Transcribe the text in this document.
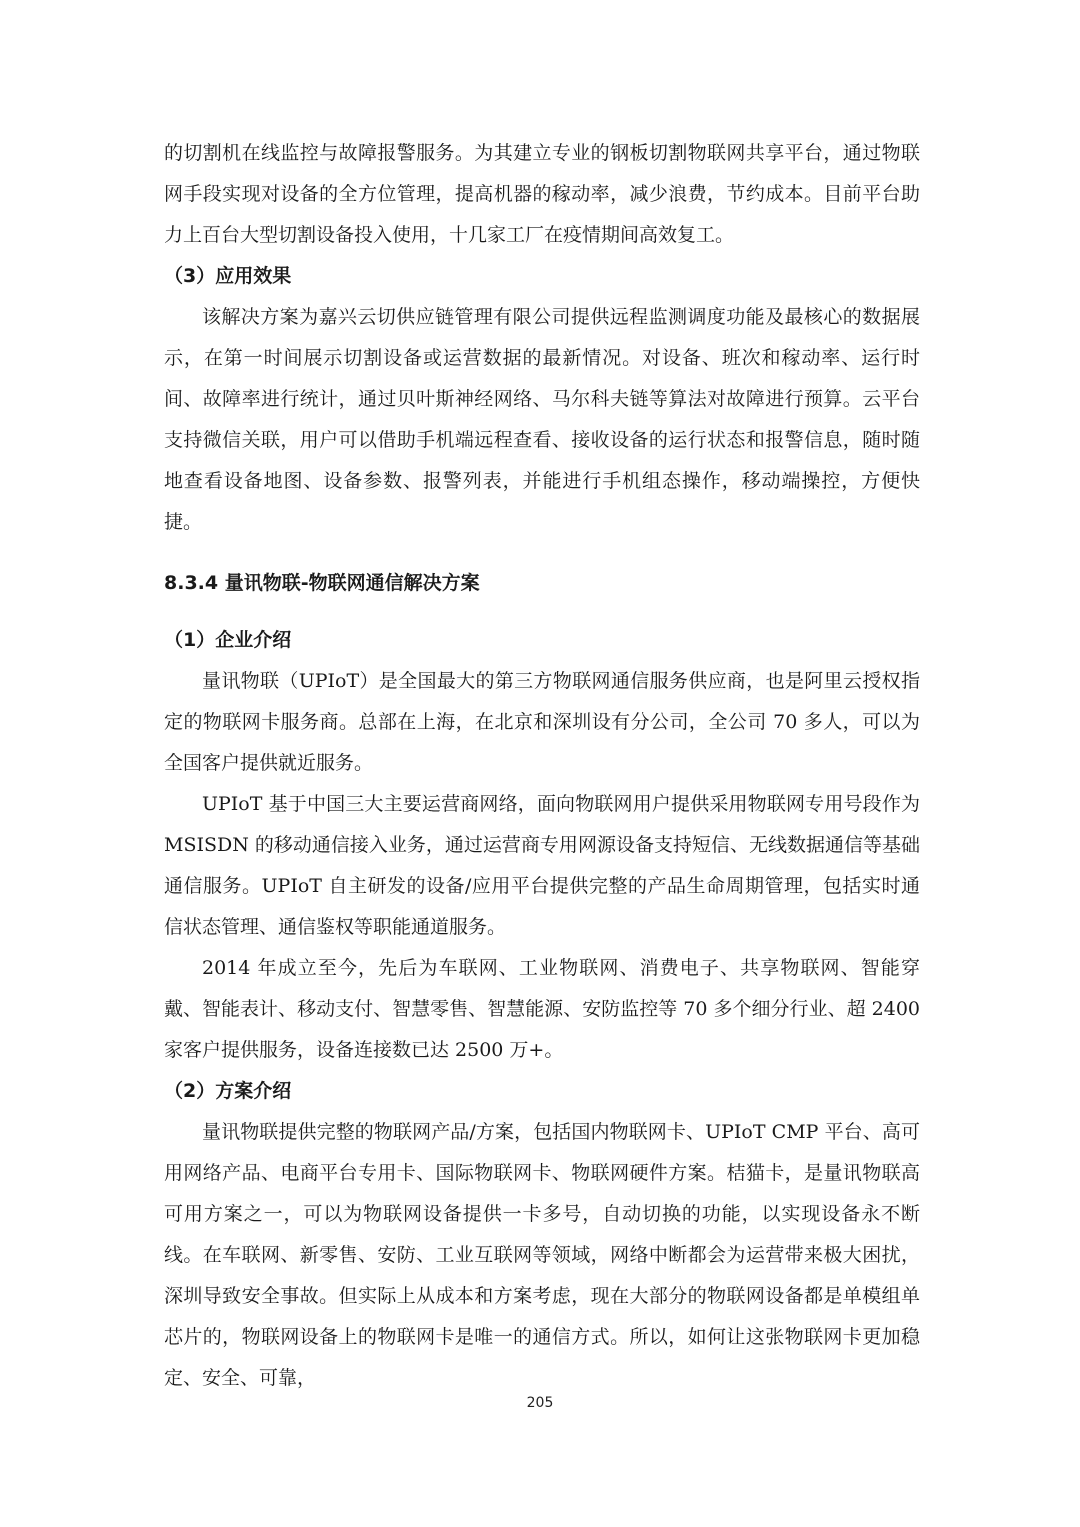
的切割机在线监控与故障报警服务。为其建立专业的钢板切割物联网共享平台，通过物联网手段实现对设备的全方位管理，提高机器的稼动率，减少浪费，节约成本。目前平台助力上百台大型切割设备投入使用，十几家工厂在疫情期间高效复工。

（3）应用效果

该解决方案为嘉兴云切供应链管理有限公司提供远程监测调度功能及最核心的数据展示，在第一时间展示切割设备或运营数据的最新情况。对设备、班次和稼动率、运行时间、故障率进行统计，通过贝叶斯神经网络、马尔科夫链等算法对故障进行预算。云平台支持微信关联，用户可以借助手机端远程查看、接收设备的运行状态和报警信息，随时随地查看设备地图、设备参数、报警列表，并能进行手机组态操作，移动端操控，方便快捷。

8.3.4 量讯物联-物联网通信解决方案

（1）企业介绍

量讯物联（UPIoT）是全国最大的第三方物联网通信服务供应商，也是阿里云授权指定的物联网卡服务商。总部在上海，在北京和深圳设有分公司，全公司 70 多人，可以为全国客户提供就近服务。

UPIoT 基于中国三大主要运营商网络，面向物联网用户提供采用物联网专用号段作为MSISDN 的移动通信接入业务，通过运营商专用网源设备支持短信、无线数据通信等基础通信服务。UPIoT 自主研发的设备/应用平台提供完整的产品生命周期管理，包括实时通信状态管理、通信鉴权等职能通道服务。

2014 年成立至今，先后为车联网、工业物联网、消费电子、共享物联网、智能穿戴、智能表计、移动支付、智慧零售、智慧能源、安防监控等 70 多个细分行业、超 2400 家客户提供服务，设备连接数已达 2500 万+。

（2）方案介绍

量讯物联提供完整的物联网产品/方案，包括国内物联网卡、UPIoT CMP 平台、高可用网络产品、电商平台专用卡、国际物联网卡、物联网硬件方案。桔猫卡，是量讯物联高可用方案之一，可以为物联网设备提供一卡多号，自动切换的功能，以实现设备永不断线。在车联网、新零售、安防、工业互联网等领域，网络中断都会为运营带来极大困扰，深圳导致安全事故。但实际上从成本和方案考虑，现在大部分的物联网设备都是单模组单芯片的，物联网设备上的物联网卡是唯一的通信方式。所以，如何让这张物联网卡更加稳定、安全、可靠，

205
